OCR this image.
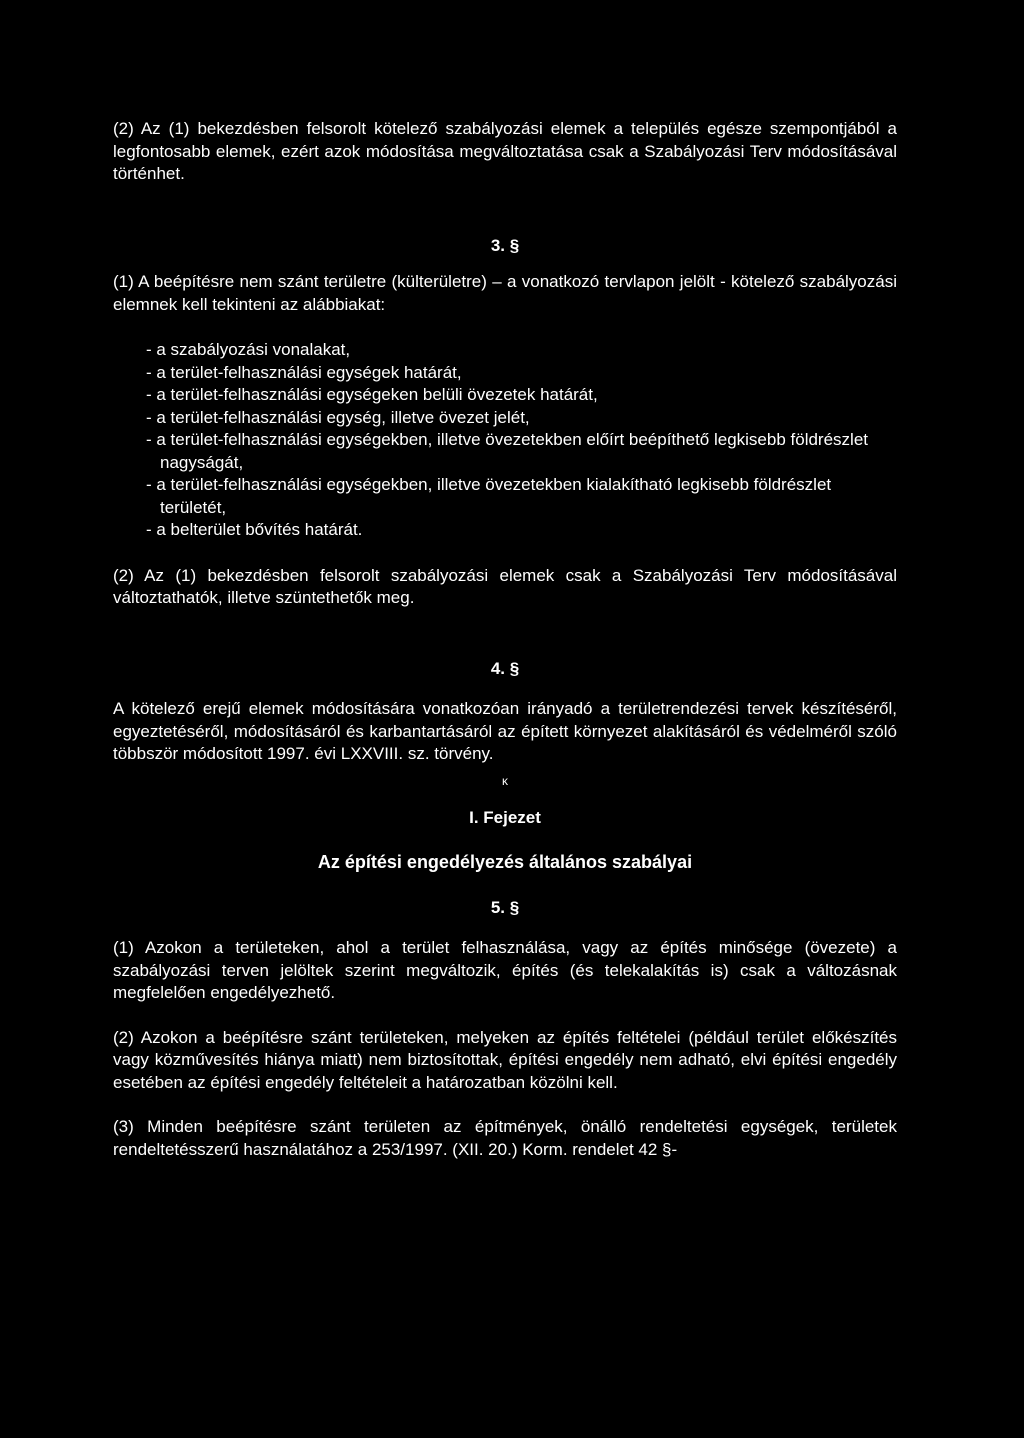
(2) Az (1) bekezdésben felsorolt kötelező szabályozási elemek a település egésze szempontjából a legfontosabb elemek, ezért azok módosítása megváltoztatása csak a Szabályozási Terv módosításával történhet.

3. §

(1) A beépítésre nem szánt területre (külterületre) – a vonatkozó tervlapon jelölt - kötelező szabályozási elemnek kell tekinteni az alábbiakat:

- a szabályozási vonalakat,
- a terület-felhasználási egységek határát,
- a terület-felhasználási egységeken belüli övezetek határát,
- a terület-felhasználási egység, illetve övezet jelét,
- a terület-felhasználási egységekben, illetve övezetekben előírt beépíthető legkisebb földrészlet nagyságát,
- a terület-felhasználási egységekben, illetve övezetekben kialakítható legkisebb földrészlet területét,
- a belterület bővítés határát.

(2) Az (1) bekezdésben felsorolt szabályozási elemek csak a Szabályozási Terv módosításával változtathatók, illetve szüntethetők meg.

4. §

A kötelező erejű elemek módosítására vonatkozóan irányadó a területrendezési tervek készítéséről, egyeztetéséről, módosításáról és karbantartásáról az épített környezet alakításáról és védelméről szóló többször módosított 1997. évi LXXVIII. sz. törvény.

ĸ

I. Fejezet

Az építési engedélyezés általános szabályai

5. §

(1) Azokon a területeken, ahol a terület felhasználása, vagy az építés minősége (övezete) a szabályozási terven jelöltek szerint megváltozik, építés (és telekalakítás is) csak a változásnak megfelelően engedélyezhető.

(2) Azokon a beépítésre szánt területeken, melyeken az építés feltételei (például terület előkészítés vagy közművesítés hiánya miatt) nem biztosítottak, építési engedély nem adható, elvi építési engedély esetében az építési engedély feltételeit a határozatban közölni kell.

(3) Minden beépítésre szánt területen az építmények, önálló rendeltetési egységek, területek rendeltetésszerű használatához a 253/1997. (XII. 20.) Korm. rendelet 42 §-
